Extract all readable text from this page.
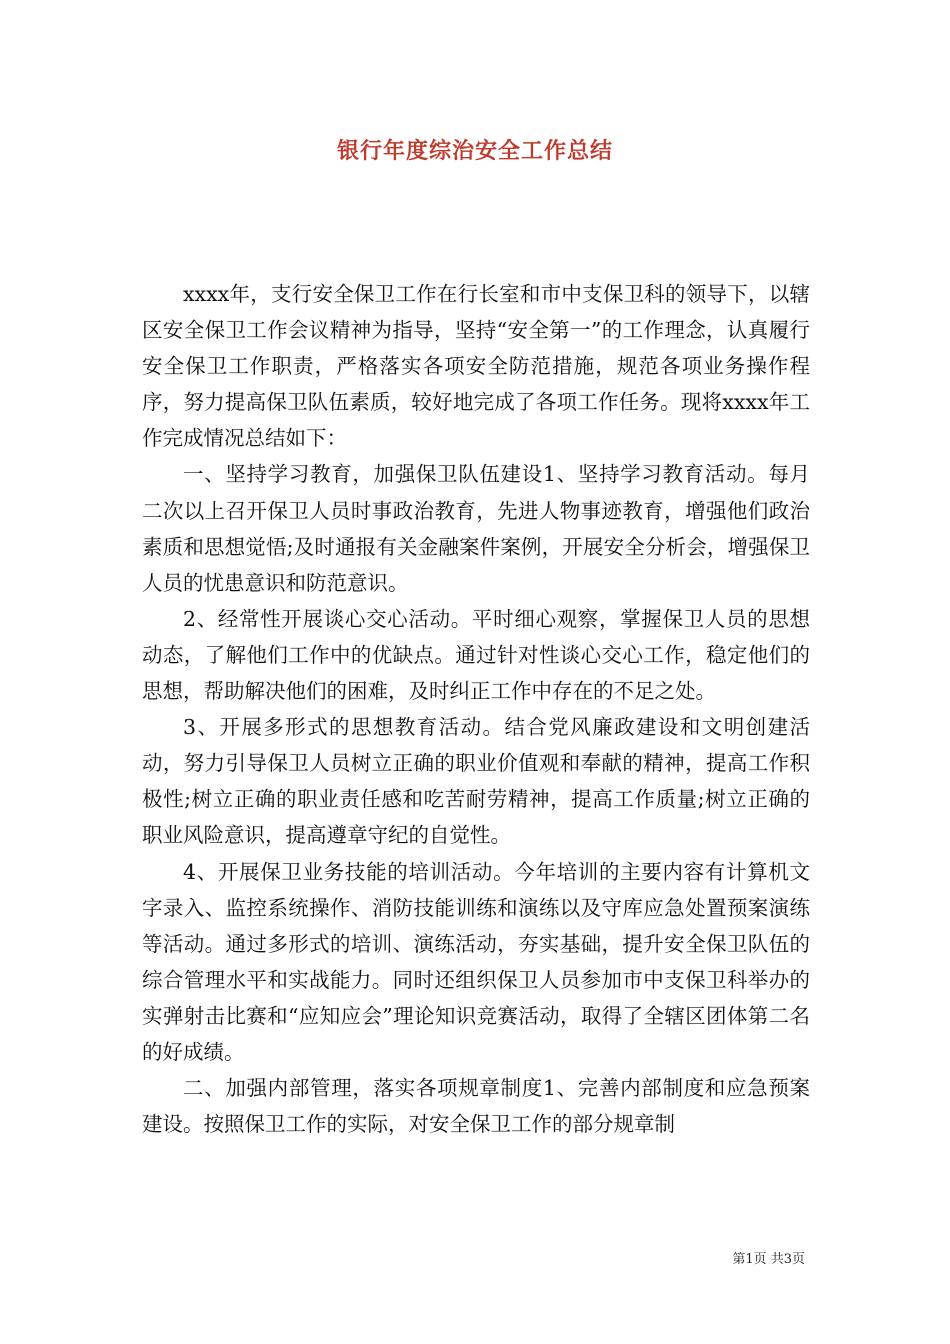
银行年度综治安全工作总结

xxxx年，支行安全保卫工作在行长室和市中支保卫科的领导下，以辖区安全保卫工作会议精神为指导，坚持“安全第一”的工作理念，认真履行安全保卫工作职责，严格落实各项安全防范措施，规范各项业务操作程序，努力提高保卫队伍素质，较好地完成了各项工作任务。现将xxxx年工作完成情况总结如下：

一、坚持学习教育，加强保卫队伍建设1、坚持学习教育活动。每月二次以上召开保卫人员时事政治教育，先进人物事迹教育，增强他们政治素质和思想觉悟;及时通报有关金融案件案例，开展安全分析会，增强保卫人员的忧患意识和防范意识。

2、经常性开展谈心交心活动。平时细心观察，掌握保卫人员的思想动态，了解他们工作中的优缺点。通过针对性谈心交心工作，稳定他们的思想，帮助解决他们的困难，及时纠正工作中存在的不足之处。

3、开展多形式的思想教育活动。结合党风廉政建设和文明创建活动，努力引导保卫人员树立正确的职业价值观和奉献的精神，提高工作积极性;树立正确的职业责任感和吃苦耐劳精神，提高工作质量;树立正确的职业风险意识，提高遵章守纪的自觉性。

4、开展保卫业务技能的培训活动。今年培训的主要内容有计算机文字录入、监控系统操作、消防技能训练和演练以及守库应急处置预案演练等活动。通过多形式的培训、演练活动，夯实基础，提升安全保卫队伍的综合管理水平和实战能力。同时还组织保卫人员参加市中支保卫科举办的实弹射击比赛和“应知应会”理论知识竞赛活动，取得了全辖区团体第二名的好成绩。

二、加强内部管理，落实各项规章制度1、完善内部制度和应急预案建设。按照保卫工作的实际，对安全保卫工作的部分规章制

第1页 共3页
